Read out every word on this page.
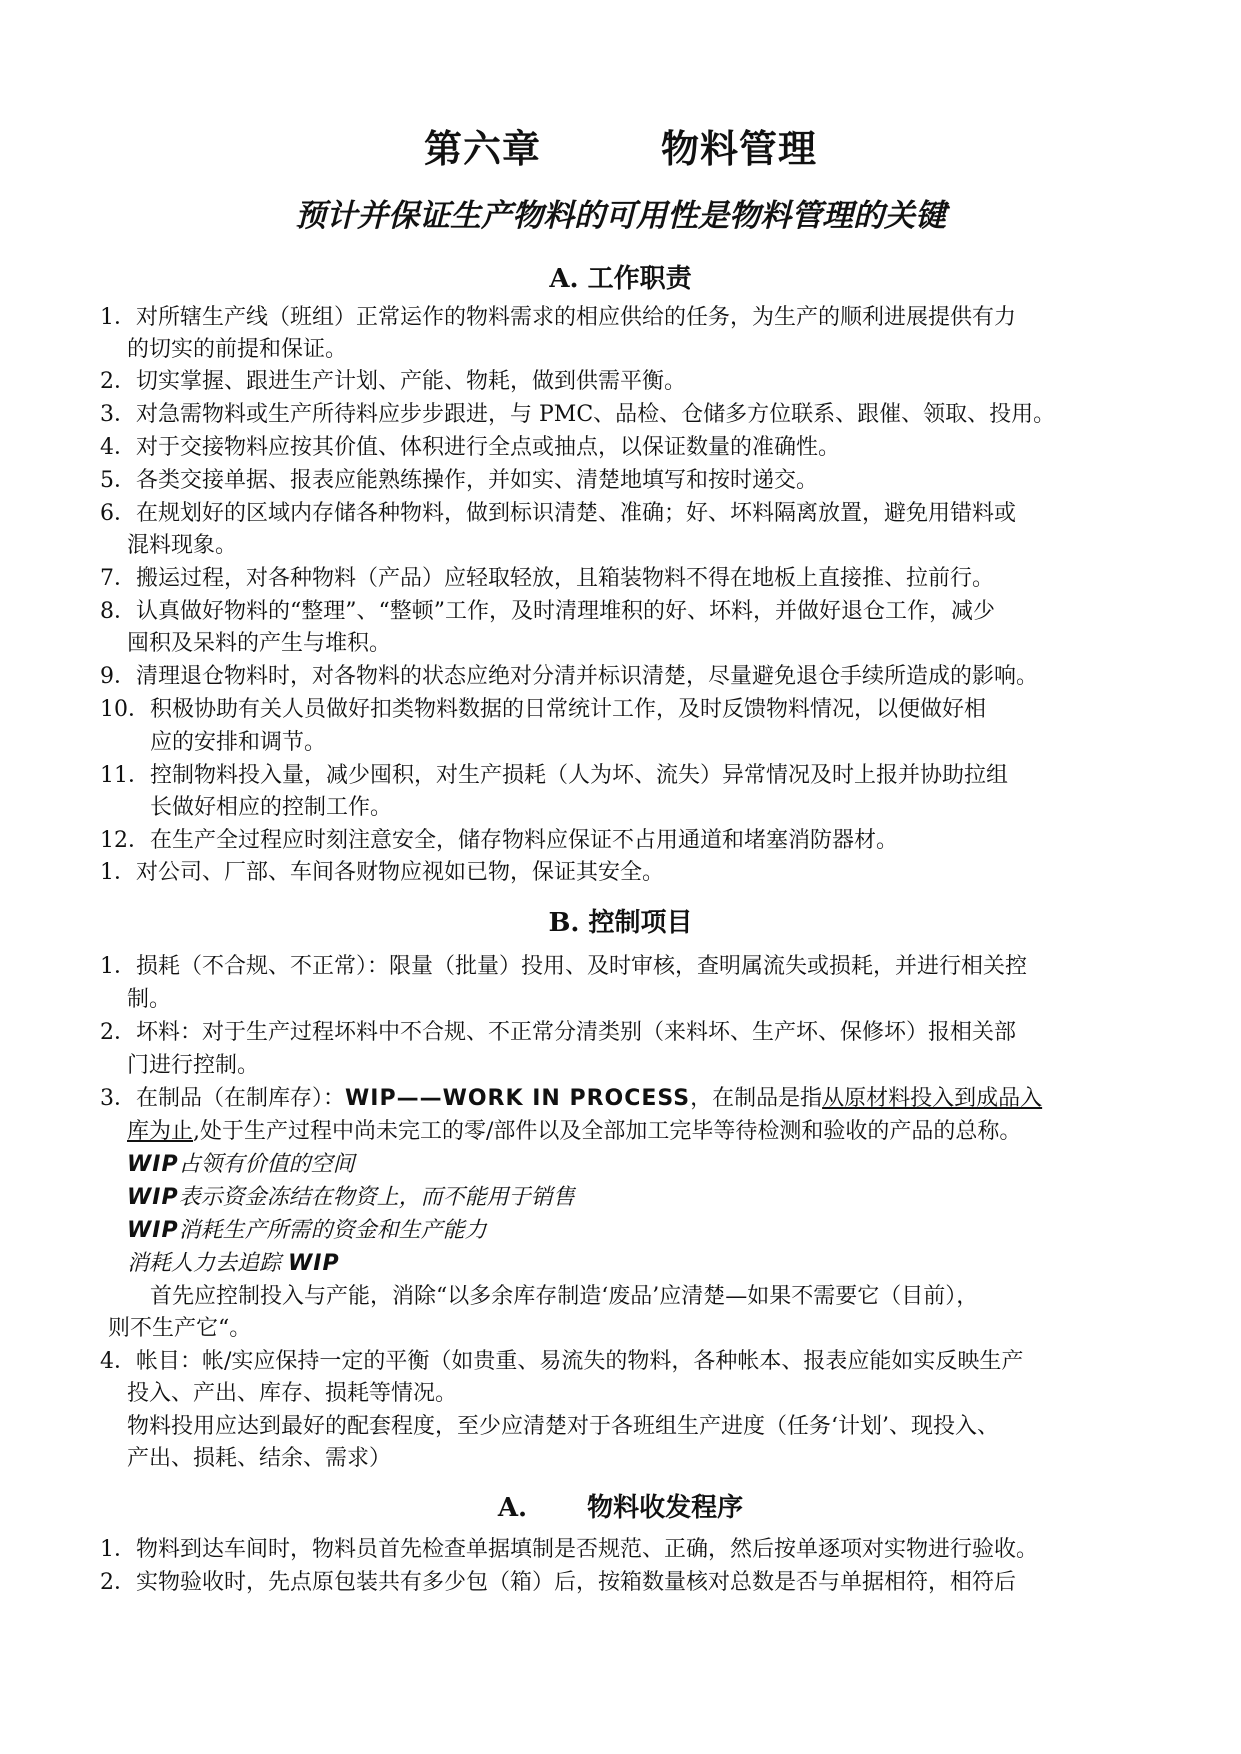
第六章	物料管理
预计并保证生产物料的可用性是物料管理的关键
A. 工作职责
1．对所辖生产线（班组）正常运作的物料需求的相应供给的任务，为生产的顺利进展提供有力
的切实的前提和保证。
2．切实掌握、跟进生产计划、产能、物耗，做到供需平衡。
3．对急需物料或生产所待料应步步跟进，与 PMC、品检、仓储多方位联系、跟催、领取、投用。
4．对于交接物料应按其价值、体积进行全点或抽点，以保证数量的准确性。
5．各类交接单据、报表应能熟练操作，并如实、清楚地填写和按时递交。
6．在规划好的区域内存储各种物料，做到标识清楚、准确；好、坏料隔离放置，避免用错料或
混料现象。
7．搬运过程，对各种物料（产品）应轻取轻放，且箱装物料不得在地板上直接推、拉前行。
8．认真做好物料的“整理”、“整顿”工作，及时清理堆积的好、坏料，并做好退仓工作，减少
囤积及呆料的产生与堆积。
9．清理退仓物料时，对各物料的状态应绝对分清并标识清楚，尽量避免退仓手续所造成的影响。
10．积极协助有关人员做好扣类物料数据的日常统计工作，及时反馈物料情况，以便做好相
应的安排和调节。
11．控制物料投入量，减少囤积，对生产损耗（人为坏、流失）异常情况及时上报并协助拉组
长做好相应的控制工作。
12．在生产全过程应时刻注意安全，储存物料应保证不占用通道和堵塞消防器材。
1．对公司、厂部、车间各财物应视如已物，保证其安全。
B. 控制项目
1．损耗（不合规、不正常）：限量（批量）投用、及时审核，查明属流失或损耗，并进行相关控
制。
2．坏料：对于生产过程坏料中不合规、不正常分清类别（来料坏、生产坏、保修坏）报相关部
门进行控制。
3．在制品（在制库存）：WIP——WORK IN PROCESS，在制品是指从原材料投入到成品入
库为止,处于生产过程中尚未完工的零/部件以及全部加工完毕等待检测和验收的产品的总称。
WIP占领有价值的空间
WIP表示资金冻结在物资上，而不能用于销售
WIP消耗生产所需的资金和生产能力
消耗人力去追踪 WIP
首先应控制投入与产能，消除“以多余库存制造‘废品’应清楚—如果不需要它（目前），
则不生产它“。
4．帐目：帐/实应保持一定的平衡（如贵重、易流失的物料，各种帐本、报表应能如实反映生产
投入、产出、库存、损耗等情况。
物料投用应达到最好的配套程度，至少应清楚对于各班组生产进度（任务‘计划’、现投入、
产出、损耗、结余、需求）
A. 物料收发程序
1．物料到达车间时，物料员首先检查单据填制是否规范、正确，然后按单逐项对实物进行验收。
2．实物验收时，先点原包装共有多少包（箱）后，按箱数量核对总数是否与单据相符，相符后
